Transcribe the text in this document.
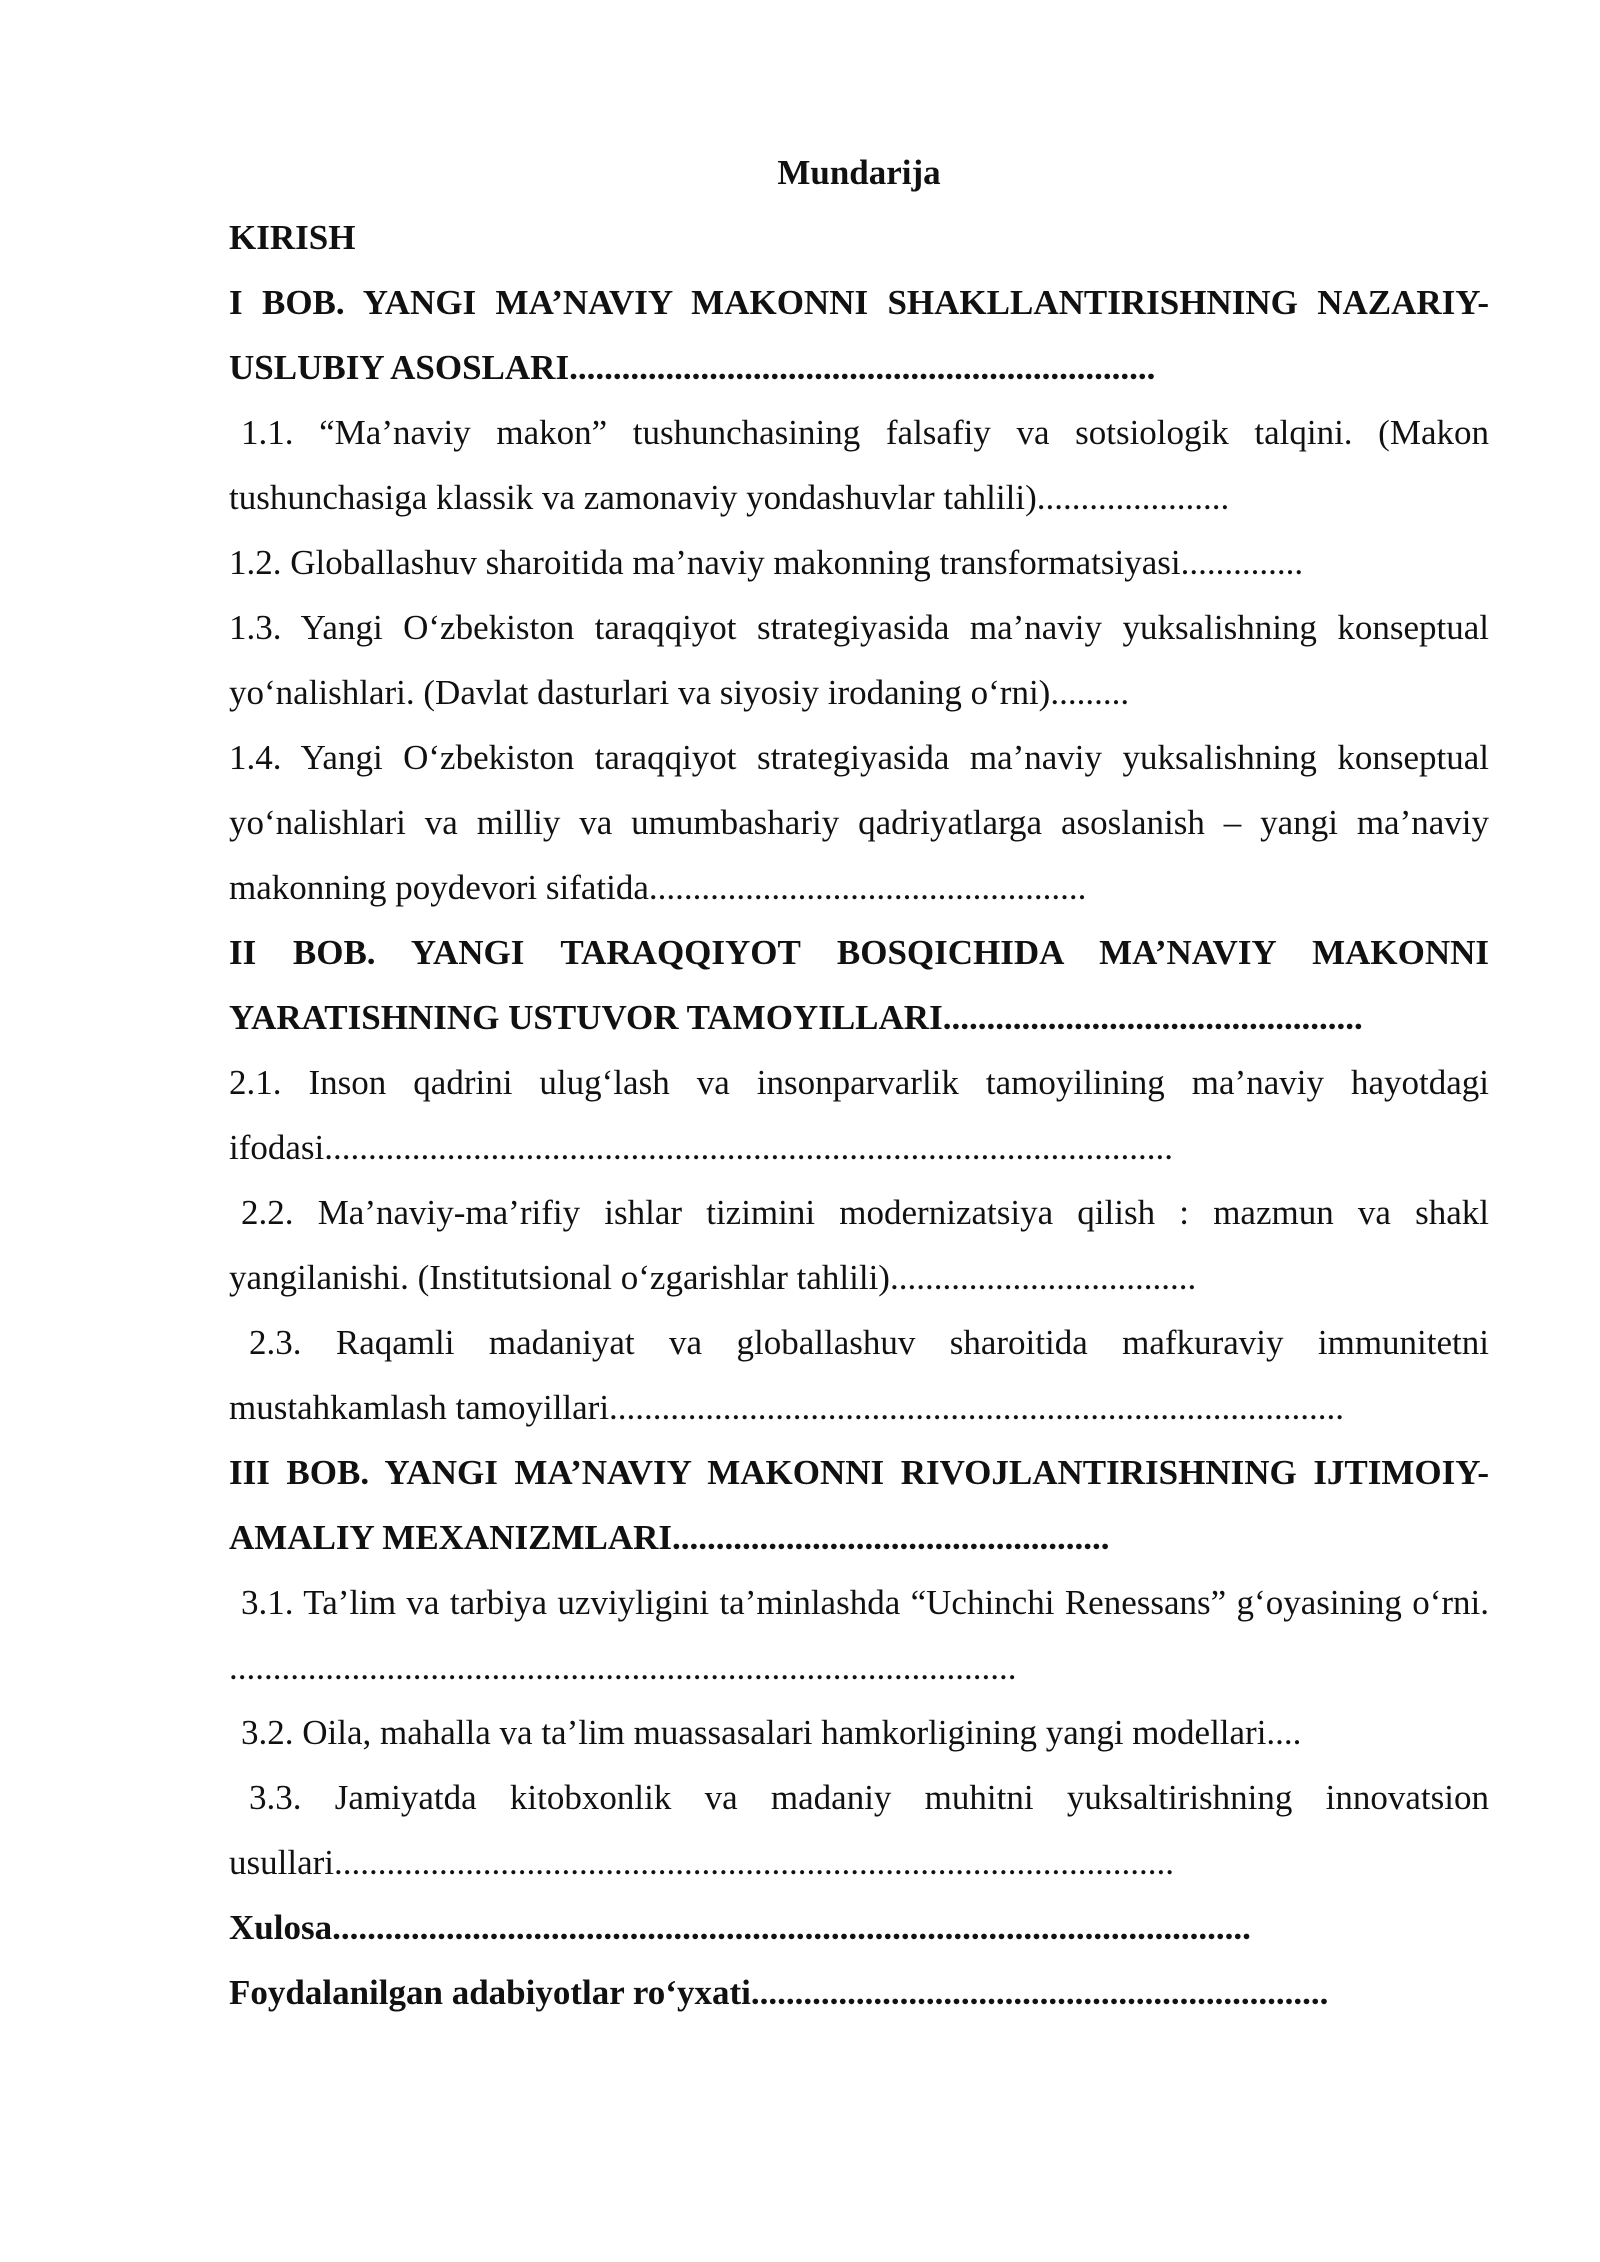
Mundarija

KIRISH

I BOB. YANGI MA’NAVIY MAKONNI SHAKLLANTIRISHNING NAZARIY-USLUBIY ASOSLARI...................................................................

1.1. “Ma’naviy makon” tushunchasining falsafiy va sotsiologik talqini. (Makon tushunchasiga klassik va zamonaviy yondashuvlar tahlili)......................

1.2. Globallashuv sharoitida ma’naviy makonning transformatsiyasi..............

1.3. Yangi O‘zbekiston taraqqiyot strategiyasida ma’naviy yuksalishning konseptual yo‘nalishlari. (Davlat dasturlari va siyosiy irodaning o‘rni).........

1.4. Yangi O‘zbekiston taraqqiyot strategiyasida ma’naviy yuksalishning konseptual yo‘nalishlari va milliy va umumbashariy qadriyatlarga asoslanish – yangi ma’naviy makonning poydevori sifatida..................................................

II BOB. YANGI TARAQQIYOT BOSQICHIDA MA’NAVIY MAKONNI YARATISHNING USTUVOR TAMOYILLARI................................................

2.1. Inson qadrini ulug‘lash va insonparvarlik tamoyilining ma’naviy hayotdagi ifodasi.................................................................................................

2.2. Ma’naviy-ma’rifiy ishlar tizimini modernizatsiya qilish : mazmun va shakl yangilanishi. (Institutsional o‘zgarishlar tahlili)...................................

2.3. Raqamli madaniyat va globallashuv sharoitida mafkuraviy immunitetni mustahkamlash tamoyillari....................................................................................

III BOB. YANGI MA’NAVIY MAKONNI RIVOJLANTIRISHNING IJTIMOIY-AMALIY MEXANIZMLARI..................................................

3.1. Ta’lim va tarbiya uzviyligini ta’minlashda “Uchinchi Renessans” g‘oyasining o‘rni. ..........................................................................................

3.2. Oila, mahalla va ta’lim muassasalari hamkorligining yangi modellari....

3.3. Jamiyatda kitobxonlik va madaniy muhitni yuksaltirishning innovatsion usullari................................................................................................

Xulosa.........................................................................................................

Foydalanilgan adabiyotlar ro‘yxati..................................................................
